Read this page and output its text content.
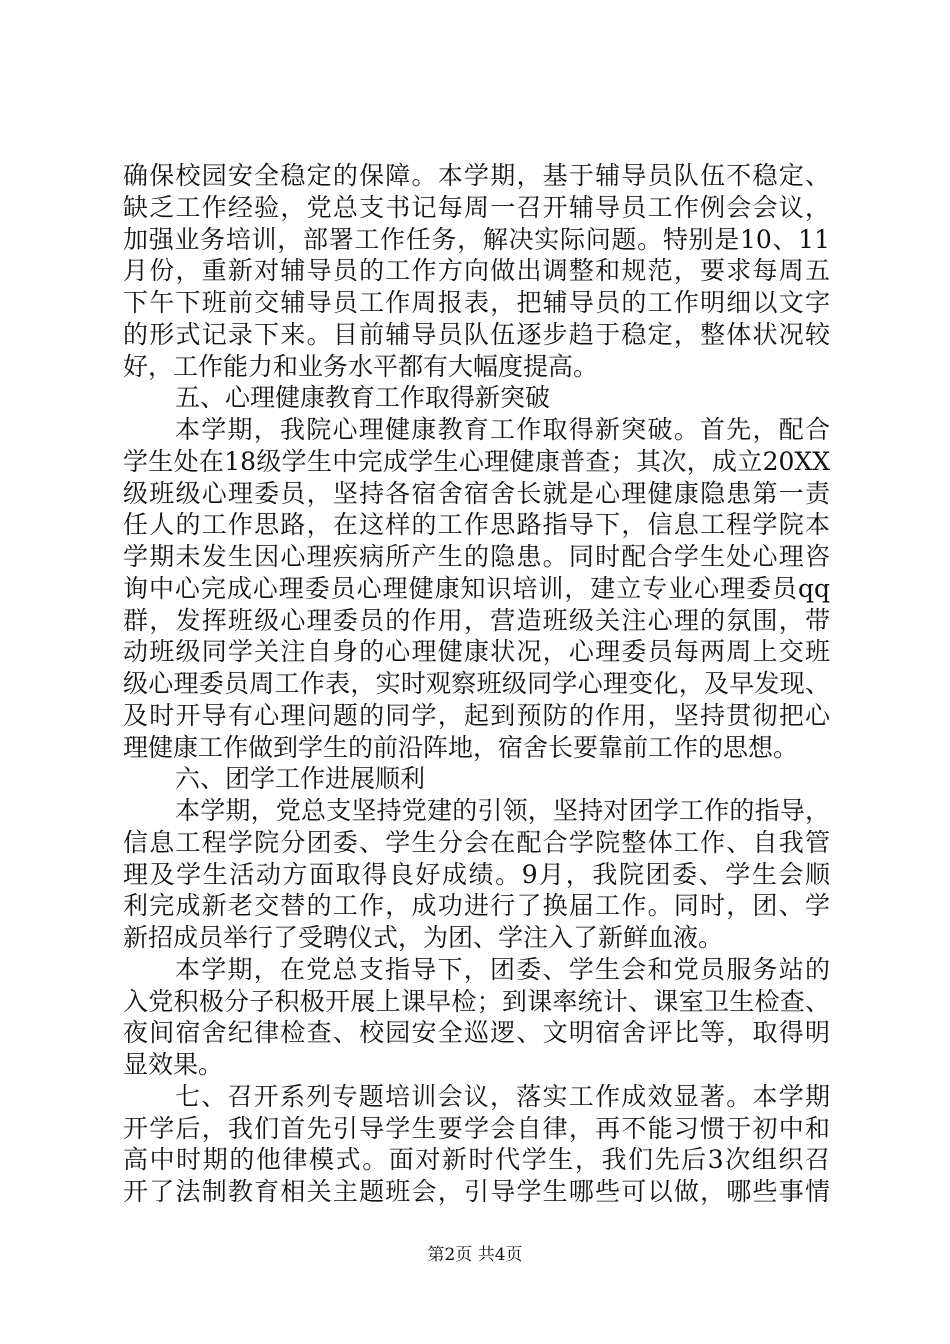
确保校园安全稳定的保障。本学期，基于辅导员队伍不稳定、
缺乏工作经验，党总支书记每周一召开辅导员工作例会会议，
加强业务培训，部署工作任务，解决实际问题。特别是10、11
月份，重新对辅导员的工作方向做出调整和规范，要求每周五
下午下班前交辅导员工作周报表，把辅导员的工作明细以文字
的形式记录下来。目前辅导员队伍逐步趋于稳定，整体状况较
好，工作能力和业务水平都有大幅度提高。
五、心理健康教育工作取得新突破
本学期，我院心理健康教育工作取得新突破。首先，配合
学生处在18级学生中完成学生心理健康普查；其次，成立20XX
级班级心理委员，坚持各宿舍宿舍长就是心理健康隐患第一责
任人的工作思路，在这样的工作思路指导下，信息工程学院本
学期未发生因心理疾病所产生的隐患。同时配合学生处心理咨
询中心完成心理委员心理健康知识培训，建立专业心理委员qq
群，发挥班级心理委员的作用，营造班级关注心理的氛围，带
动班级同学关注自身的心理健康状况，心理委员每两周上交班
级心理委员周工作表，实时观察班级同学心理变化，及早发现、
及时开导有心理问题的同学，起到预防的作用，坚持贯彻把心
理健康工作做到学生的前沿阵地，宿舍长要靠前工作的思想。
六、团学工作进展顺利
本学期，党总支坚持党建的引领，坚持对团学工作的指导，
信息工程学院分团委、学生分会在配合学院整体工作、自我管
理及学生活动方面取得良好成绩。9月，我院团委、学生会顺
利完成新老交替的工作，成功进行了换届工作。同时，团、学
新招成员举行了受聘仪式，为团、学注入了新鲜血液。
本学期，在党总支指导下，团委、学生会和党员服务站的
入党积极分子积极开展上课早检；到课率统计、课室卫生检查、
夜间宿舍纪律检查、校园安全巡逻、文明宿舍评比等，取得明
显效果。
七、召开系列专题培训会议，落实工作成效显著。本学期
开学后，我们首先引导学生要学会自律，再不能习惯于初中和
高中时期的他律模式。面对新时代学生，我们先后3次组织召
开了法制教育相关主题班会，引导学生哪些可以做，哪些事情
第2页 共4页
